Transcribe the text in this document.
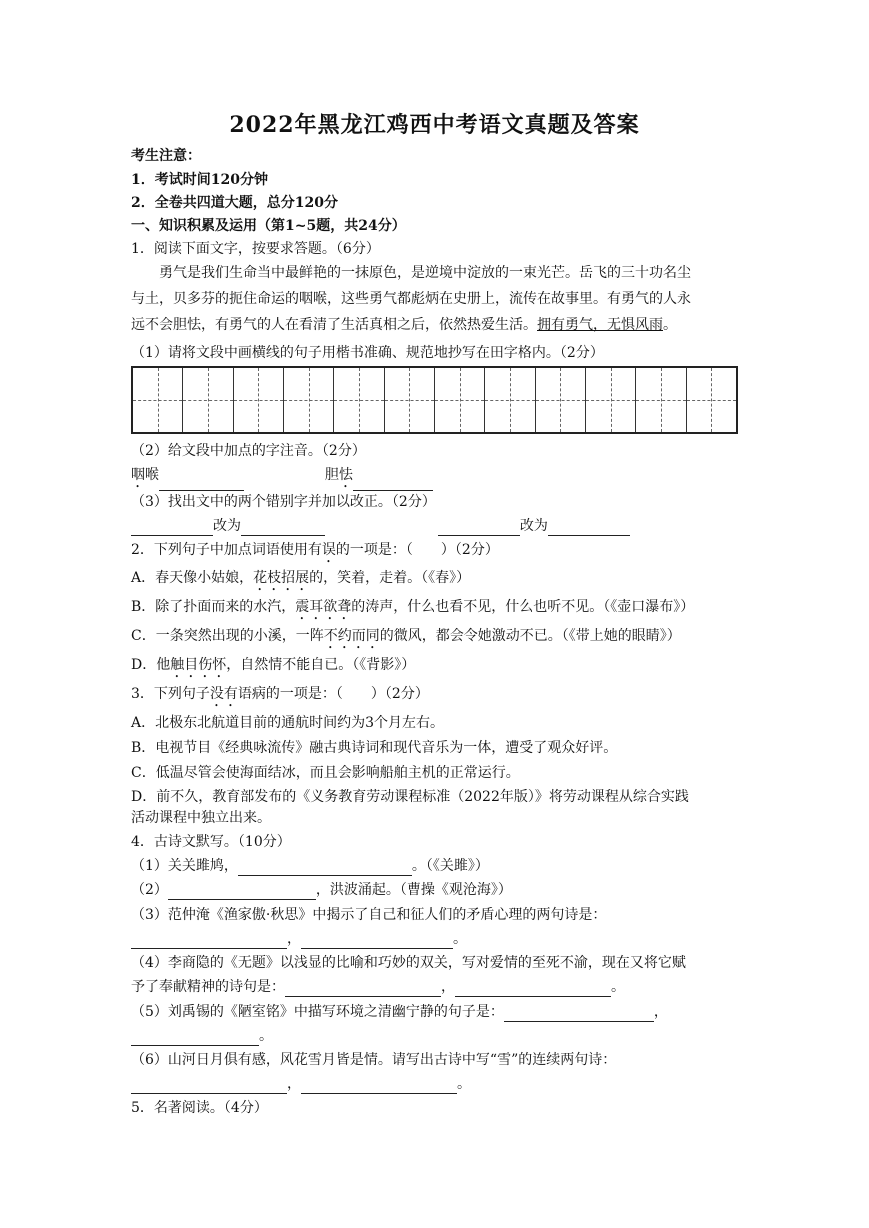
2022年黑龙江鸡西中考语文真题及答案
考生注意：
1．考试时间120分钟
2．全卷共四道大题，总分120分
一、知识积累及运用（第1~5题，共24分）
1．阅读下面文字，按要求答题。（6分）
勇气是我们生命当中最鲜艳的一抹原色，是逆境中淀放的一束光芒。岳飞的三十功名尘
与土，贝多芬的扼住命运的咽喉，这些勇气都彪炳在史册上，流传在故事里。有勇气的人永
远不会胆怯，有勇气的人在看清了生活真相之后，依然热爱生活。拥有勇气，无惧风雨。
（1）请将文段中画横线的句子用楷书准确、规范地抄写在田字格内。（2分）
（2）给文段中加点的字注音。（2分）
咽喉	胆怯
（3）找出文中的两个错别字并加以改正。（2分）
改为	改为
2．下列句子中加点词语使用有误的一项是：（　　）（2分）
A．春天像小姑娘，花枝招展的，笑着，走着。（《春》）
B．除了扑面而来的水汽，震耳欲聋的涛声，什么也看不见，什么也听不见。（《壶口瀑布》）
C．一条突然出现的小溪，一阵不约而同的微风，都会令她激动不已。（《带上她的眼睛》）
D．他触目伤怀，自然情不能自已。（《背影》）
3．下列句子没有语病的一项是：（　　）（2分）
A．北极东北航道目前的通航时间约为3个月左右。
B．电视节目《经典咏流传》融古典诗词和现代音乐为一体，遭受了观众好评。
C．低温尽管会使海面结冰，而且会影响船舶主机的正常运行。
D．前不久，教育部发布的《义务教育劳动课程标准（2022年版）》将劳动课程从综合实践
活动课程中独立出来。
4．古诗文默写。（10分）
（1）关关雎鸠，	。（《关雎》）
（2）	，洪波涌起。（曹操《观沧海》）
（3）范仲淹《渔家傲·秋思》中揭示了自己和征人们的矛盾心理的两句诗是：
，	。
（4）李商隐的《无题》以浅显的比喻和巧妙的双关，写对爱情的至死不渝，现在又将它赋
予了奉献精神的诗句是：	，	。
（5）刘禹锡的《陋室铭》中描写环境之清幽宁静的句子是：	，
。
（6）山河日月俱有感，风花雪月皆是情。请写出古诗中写“雪”的连续两句诗：
，	。
5．名著阅读。（4分）
